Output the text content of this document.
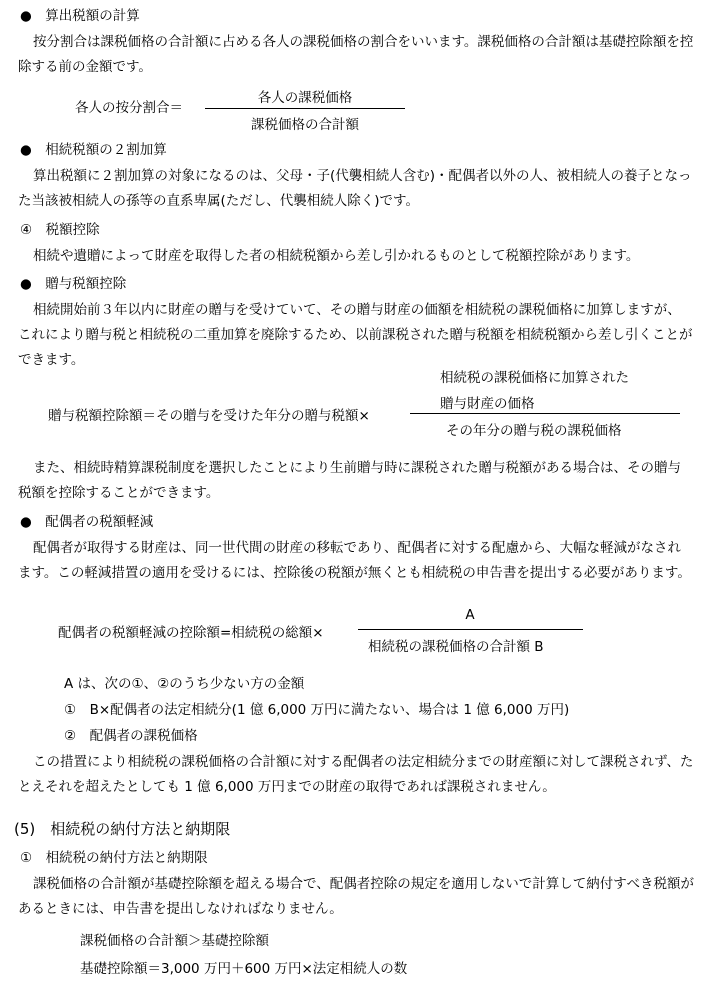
●　 算出税額の計算
按分割合は課税価格の合計額に占める各人の課税価格の割合をいいます。課税価格の合計額は基礎控除額を控除する前の金額です。
各人の按分割合＝
各人の課税価格
課税価格の合計額
●　 相続税額の２割加算
算出税額に２割加算の対象になるのは、父母・子(代襲相続人含む)・配偶者以外の人、被相続人の養子となった当該被相続人の孫等の直系卑属(ただし、代襲相続人除く)です。
④　 税額控除
相続や遺贈によって財産を取得した者の相続税額から差し引かれるものとして税額控除があります。
●　 贈与税額控除
相続開始前３年以内に財産の贈与を受けていて、その贈与財産の価額を相続税の課税価格に加算しますが、これにより贈与税と相続税の二重加算を廃除するため、以前課税された贈与税額を相続税額から差し引くことができます。
贈与税額控除額＝その贈与を受けた年分の贈与税額×
相続税の課税価格に加算された
贈与財産の価格
その年分の贈与税の課税価格
また、相続時精算課税制度を選択したことにより生前贈与時に課税された贈与税額がある場合は、その贈与税額を控除することができます。
●　 配偶者の税額軽減
配偶者が取得する財産は、同一世代間の財産の移転であり、配偶者に対する配慮から、大幅な軽減がなされます。この軽減措置の適用を受けるには、控除後の税額が無くとも相続税の申告書を提出する必要があります。
配偶者の税額軽減の控除額=相続税の総額×
A
相続税の課税価格の合計額 B
A は、次の①、②のうち少ない方の金額
①　 B×配偶者の法定相続分(1 億 6,000 万円に満たない、場合は 1 億 6,000 万円)
②　 配偶者の課税価格
この措置により相続税の課税価格の合計額に対する配偶者の法定相続分までの財産額に対して課税されず、たとえそれを超えたとしても 1 億 6,000 万円までの財産の取得であれば課税されません。
(5)　相続税の納付方法と納期限
①　 相続税の納付方法と納期限
課税価格の合計額が基礎控除額を超える場合で、配偶者控除の規定を適用しないで計算して納付すべき税額があるときには、申告書を提出しなければなりません。
課税価格の合計額＞基礎控除額
基礎控除額＝3,000 万円＋600 万円×法定相続人の数
